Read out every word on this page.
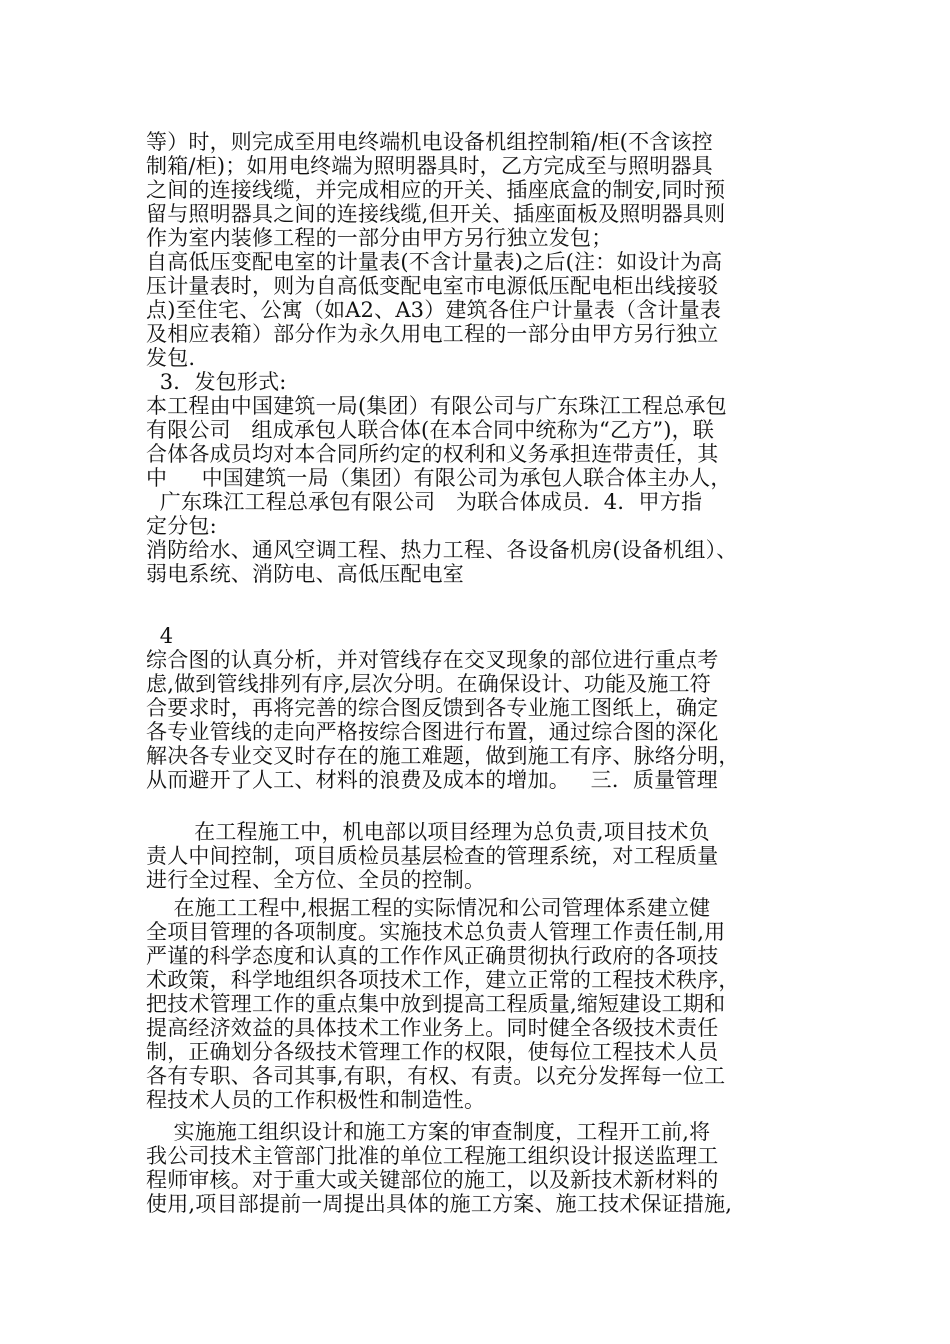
等）时，则完成至用电终端机电设备机组控制箱/柜(不含该控
制箱/柜)；如用电终端为照明器具时，乙方完成至与照明器具
之间的连接线缆，并完成相应的开关、插座底盒的制安,同时预
留与照明器具之间的连接线缆,但开关、插座面板及照明器具则
作为室内装修工程的一部分由甲方另行独立发包；
自高低压变配电室的计量表(不含计量表)之后(注：如设计为高
压计量表时，则为自高低变配电室市电源低压配电柜出线接驳
点)至住宅、公寓（如A2、A3）建筑各住户计量表（含计量表
及相应表箱）部分作为永久用电工程的一部分由甲方另行独立
发包.
3．发包形式:
本工程由中国建筑一局(集团）有限公司与广东珠江工程总承包
有限公司   组成承包人联合体(在本合同中统称为“乙方”)，联
合体各成员均对本合同所约定的权利和义务承担连带责任，其
中     中国建筑一局（集团）有限公司为承包人联合体主办人，
广东珠江工程总承包有限公司   为联合体成员.  4．甲方指
定分包:
消防给水、通风空调工程、热力工程、各设备机房(设备机组）、
弱电系统、消防电、高低压配电室
4
综合图的认真分析，并对管线存在交叉现象的部位进行重点考
虑,做到管线排列有序,层次分明。在确保设计、功能及施工符
合要求时，再将完善的综合图反馈到各专业施工图纸上，确定
各专业管线的走向严格按综合图进行布置，通过综合图的深化
解决各专业交叉时存在的施工难题，做到施工有序、脉络分明，
从而避开了人工、材料的浪费及成本的增加。   三．质量管理
在工程施工中，机电部以项目经理为总负责,项目技术负
责人中间控制，项目质检员基层检查的管理系统，对工程质量
进行全过程、全方位、全员的控制。
在施工工程中,根据工程的实际情况和公司管理体系建立健
全项目管理的各项制度。实施技术总负责人管理工作责任制,用
严谨的科学态度和认真的工作作风正确贯彻执行政府的各项技
术政策，科学地组织各项技术工作，建立正常的工程技术秩序，
把技术管理工作的重点集中放到提高工程质量,缩短建设工期和
提高经济效益的具体技术工作业务上。同时健全各级技术责任
制，正确划分各级技术管理工作的权限，使每位工程技术人员
各有专职、各司其事,有职，有权、有责。以充分发挥每一位工
程技术人员的工作积极性和制造性。
实施施工组织设计和施工方案的审查制度，工程开工前,将
我公司技术主管部门批准的单位工程施工组织设计报送监理工
程师审核。对于重大或关键部位的施工，以及新技术新材料的
使用,项目部提前一周提出具体的施工方案、施工技术保证措施,
